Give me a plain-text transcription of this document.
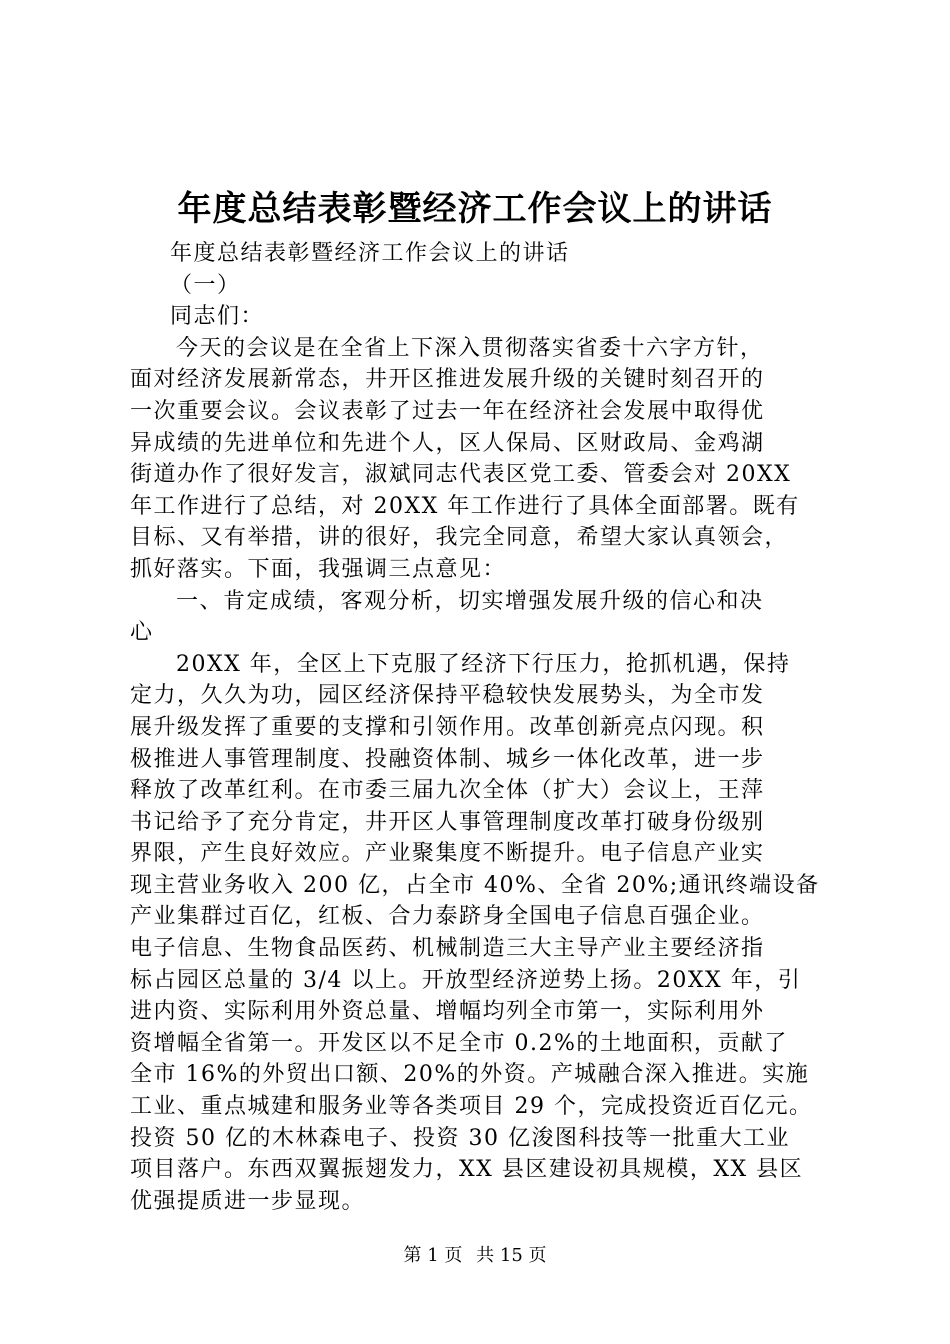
年度总结表彰暨经济工作会议上的讲话
年度总结表彰暨经济工作会议上的讲话
（一）
同志们：
今天的会议是在全省上下深入贯彻落实省委十六字方针，
面对经济发展新常态，井开区推进发展升级的关键时刻召开的
一次重要会议。会议表彰了过去一年在经济社会发展中取得优
异成绩的先进单位和先进个人，区人保局、区财政局、金鸡湖
街道办作了很好发言，淑斌同志代表区党工委、管委会对 20XX
年工作进行了总结，对 20XX 年工作进行了具体全面部署。既有
目标、又有举措，讲的很好，我完全同意，希望大家认真领会，
抓好落实。下面，我强调三点意见：
一、肯定成绩，客观分析，切实增强发展升级的信心和决
心
20XX 年，全区上下克服了经济下行压力，抢抓机遇，保持
定力，久久为功，园区经济保持平稳较快发展势头，为全市发
展升级发挥了重要的支撑和引领作用。改革创新亮点闪现。积
极推进人事管理制度、投融资体制、城乡一体化改革，进一步
释放了改革红利。在市委三届九次全体（扩大）会议上，王萍
书记给予了充分肯定，井开区人事管理制度改革打破身份级别
界限，产生良好效应。产业聚集度不断提升。电子信息产业实
现主营业务收入 200 亿，占全市 40%、全省 20%;通讯终端设备
产业集群过百亿，红板、合力泰跻身全国电子信息百强企业。
电子信息、生物食品医药、机械制造三大主导产业主要经济指
标占园区总量的 3/4 以上。开放型经济逆势上扬。20XX 年，引
进内资、实际利用外资总量、增幅均列全市第一，实际利用外
资增幅全省第一。开发区以不足全市 0.2%的土地面积，贡献了
全市 16%的外贸出口额、20%的外资。产城融合深入推进。实施
工业、重点城建和服务业等各类项目 29 个，完成投资近百亿元。
投资 50 亿的木林森电子、投资 30 亿浚图科技等一批重大工业
项目落户。东西双翼振翅发力，XX 县区建设初具规模，XX 县区
优强提质进一步显现。
第 1 页 共 15 页
